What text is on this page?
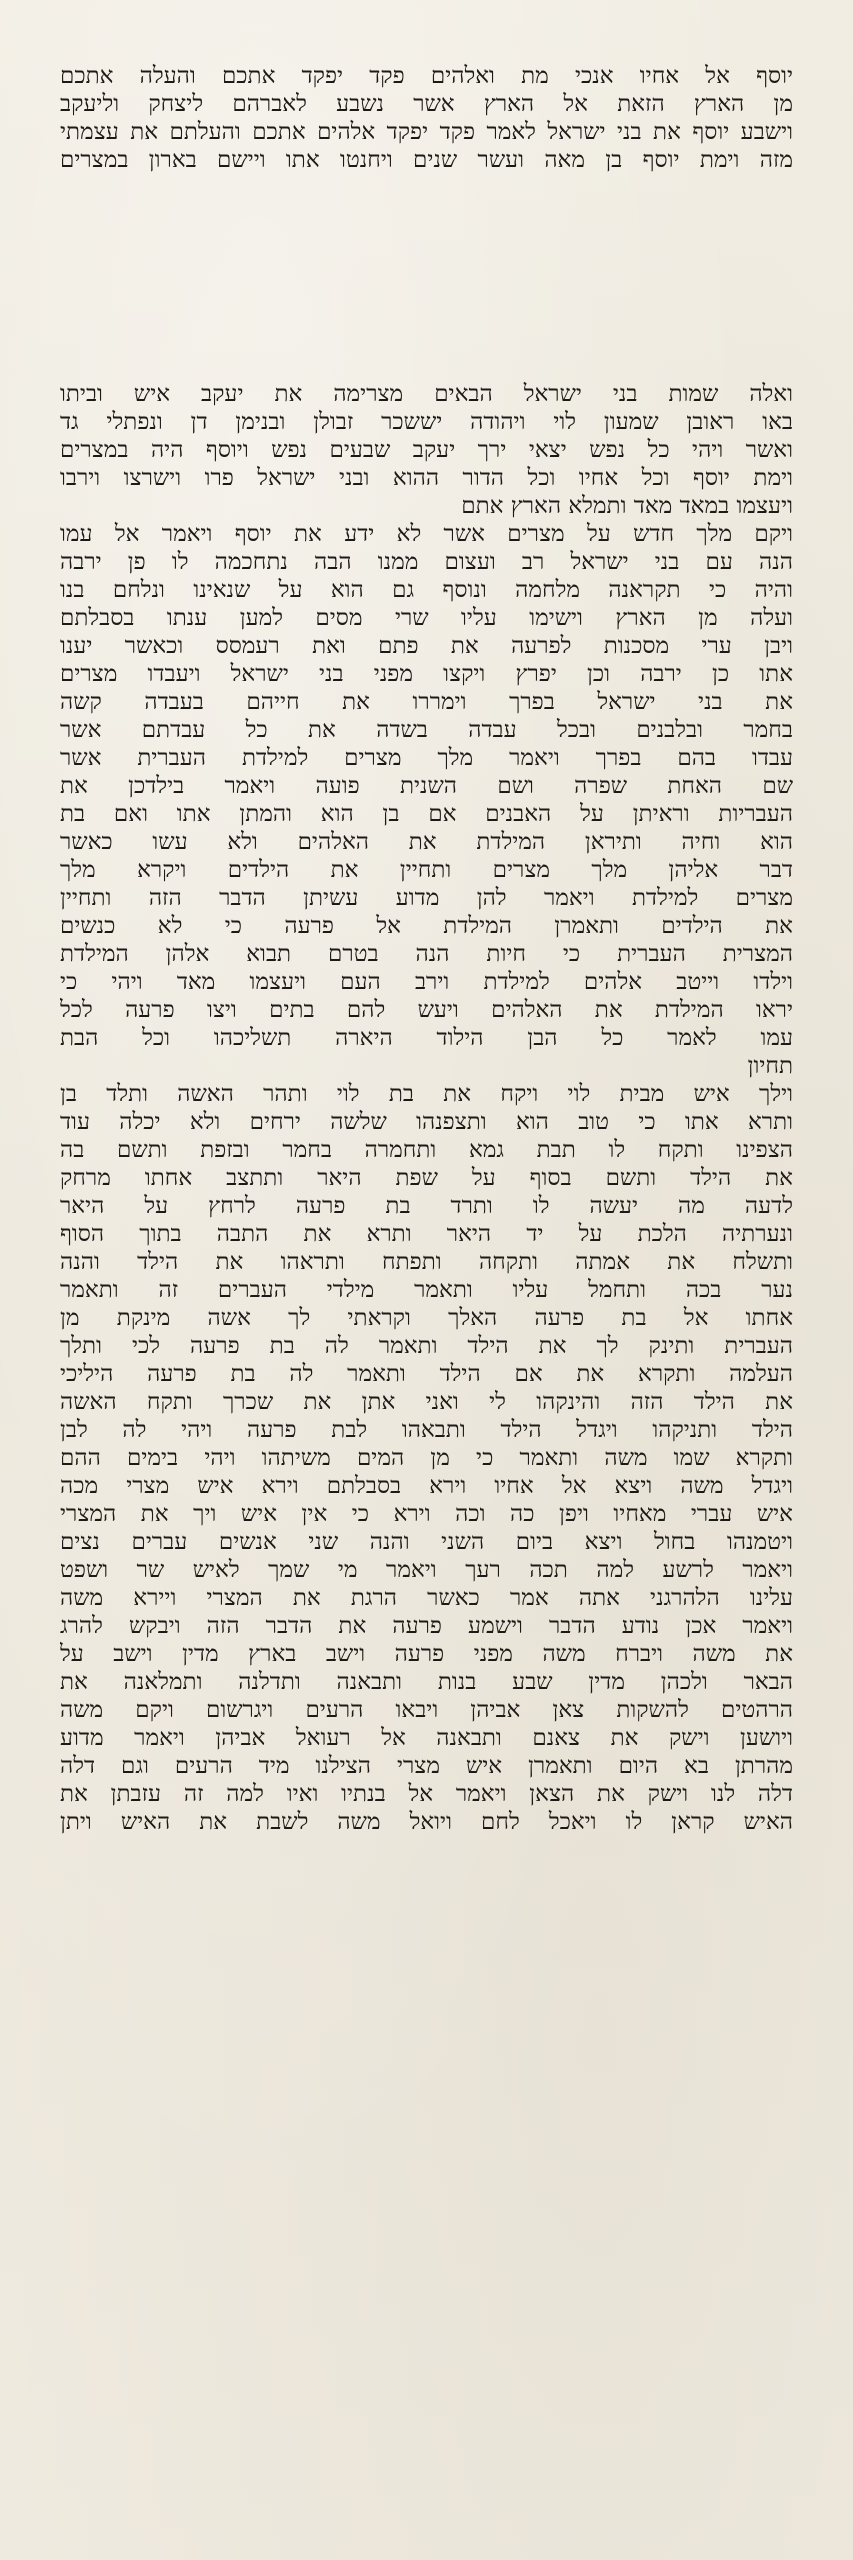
יוסף אל אחיו אנכי מת ואלהים פקד יפקד אתכם והעלה אתכם
מן הארץ הזאת אל הארץ אשר נשבע לאברהם ליצחק וליעקב
וישבע יוסף את בני ישראל לאמר פקד יפקד אלהים אתכם והעלתם את עצמתי
מזה וימת יוסף בן מאה ועשר שנים ויחנטו אתו ויישם בארון במצרים
ואלה שמות בני ישראל הבאים מצרימה את יעקב איש וביתו
באו ראובן שמעון לוי ויהודה יששכר זבולן ובנימן דן ונפתלי גד
ואשר ויהי כל נפש יצאי ירך יעקב שבעים נפש ויוסף היה במצרים
וימת יוסף וכל אחיו וכל הדור ההוא ובני ישראל פרו וישרצו וירבו
ויעצמו במאד מאד ותמלא הארץ אתם
ויקם מלך חדש על מצרים אשר לא ידע את יוסף ויאמר אל עמו
הנה עם בני ישראל רב ועצום ממנו הבה נתחכמה לו פן ירבה
והיה כי תקראנה מלחמה ונוסף גם הוא על שנאינו ונלחם בנו
ועלה מן הארץ וישימו עליו שרי מסים למען ענתו בסבלתם
ויבן ערי מסכנות לפרעה את פתם ואת רעמסס וכאשר יענו
אתו כן ירבה וכן יפרץ ויקצו מפני בני ישראל ויעבדו מצרים
את בני ישראל בפרך וימררו את חייהם בעבדה קשה
בחמר ובלבנים ובכל עבדה בשדה את כל עבדתם אשר
עבדו בהם בפרך ויאמר מלך מצרים למילדת העברית אשר
שם האחת שפרה ושם השנית פועה ויאמר בילדכן את
העבריות וראיתן על האבנים אם בן הוא והמתן אתו ואם בת
הוא וחיה ותיראן המילדת את האלהים ולא עשו כאשר
דבר אליהן מלך מצרים ותחיין את הילדים ויקרא מלך
מצרים למילדת ויאמר להן מדוע עשיתן הדבר הזה ותחיין
את הילדים ותאמרן המילדת אל פרעה כי לא כנשים
המצרית העברית כי חיות הנה בטרם תבוא אלהן המילדת
וילדו וייטב אלהים למילדת וירב העם ויעצמו מאד ויהי כי
יראו המילדת את האלהים ויעש להם בתים ויצו פרעה לכל
עמו לאמר כל הבן הילוד היארה תשליכהו וכל הבת
תחיון
וילך איש מבית לוי ויקח את בת לוי ותהר האשה ותלד בן
ותרא אתו כי טוב הוא ותצפנהו שלשה ירחים ולא יכלה עוד
הצפינו ותקח לו תבת גמא ותחמרה בחמר ובזפת ותשם בה
את הילד ותשם בסוף על שפת היאר ותתצב אחתו מרחק
לדעה מה יעשה לו ותרד בת פרעה לרחץ על היאר
ונערתיה הלכת על יד היאר ותרא את התבה בתוך הסוף
ותשלח את אמתה ותקחה ותפתח ותראהו את הילד והנה
נער בכה ותחמל עליו ותאמר מילדי העברים זה ותאמר
אחתו אל בת פרעה האלך וקראתי לך אשה מינקת מן
העברית ותינק לך את הילד ותאמר לה בת פרעה לכי ותלך
העלמה ותקרא את אם הילד ותאמר לה בת פרעה היליכי
את הילד הזה והינקהו לי ואני אתן את שכרך ותקח האשה
הילד ותניקהו ויגדל הילד ותבאהו לבת פרעה ויהי לה לבן
ותקרא שמו משה ותאמר כי מן המים משיתהו ויהי בימים ההם
ויגדל משה ויצא אל אחיו וירא בסבלתם וירא איש מצרי מכה
איש עברי מאחיו ויפן כה וכה וירא כי אין איש ויך את המצרי
ויטמנהו בחול ויצא ביום השני והנה שני אנשים עברים נצים
ויאמר לרשע למה תכה רעך ויאמר מי שמך לאיש שר ושפט
עלינו הלהרגני אתה אמר כאשר הרגת את המצרי ויירא משה
ויאמר אכן נודע הדבר וישמע פרעה את הדבר הזה ויבקש להרג
את משה ויברח משה מפני פרעה וישב בארץ מדין וישב על
הבאר ולכהן מדין שבע בנות ותבאנה ותדלנה ותמלאנה את
הרהטים להשקות צאן אביהן ויבאו הרעים ויגרשום ויקם משה
ויושען וישק את צאנם ותבאנה אל רעואל אביהן ויאמר מדוע
מהרתן בא היום ותאמרן איש מצרי הצילנו מיד הרעים וגם דלה
דלה לנו וישק את הצאן ויאמר אל בנתיו ואיו למה זה עזבתן את
האיש קראן לו ויאכל לחם ויואל משה לשבת את האיש ויתן
